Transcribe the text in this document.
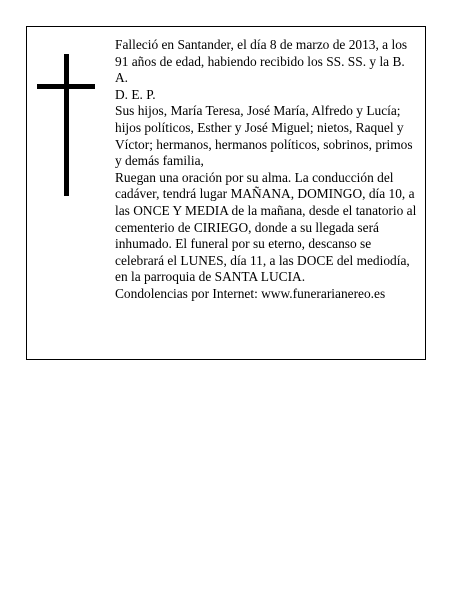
Falleció en Santander, el día 8 de marzo de 2013, a los 91 años de edad, habiendo recibido los SS. SS. y la B. A.

D. E. P.

Sus hijos, María Teresa, José María, Alfredo y Lucía; hijos políticos, Esther y José Miguel; nietos, Raquel y Víctor; hermanos, hermanos políticos, sobrinos, primos y demás familia,

Ruegan una oración por su alma. La conducción del cadáver, tendrá lugar MAÑANA, DOMINGO, día 10, a las ONCE Y MEDIA de la mañana, desde el tanatorio al cementerio de CIRIEGO, donde a su llegada será inhumado. El funeral por su eterno, descanso se celebrará el LUNES, día 11, a las DOCE del mediodía, en la parroquia de SANTA LUCIA.

Condolencias por Internet: www.funerarianereo.es
